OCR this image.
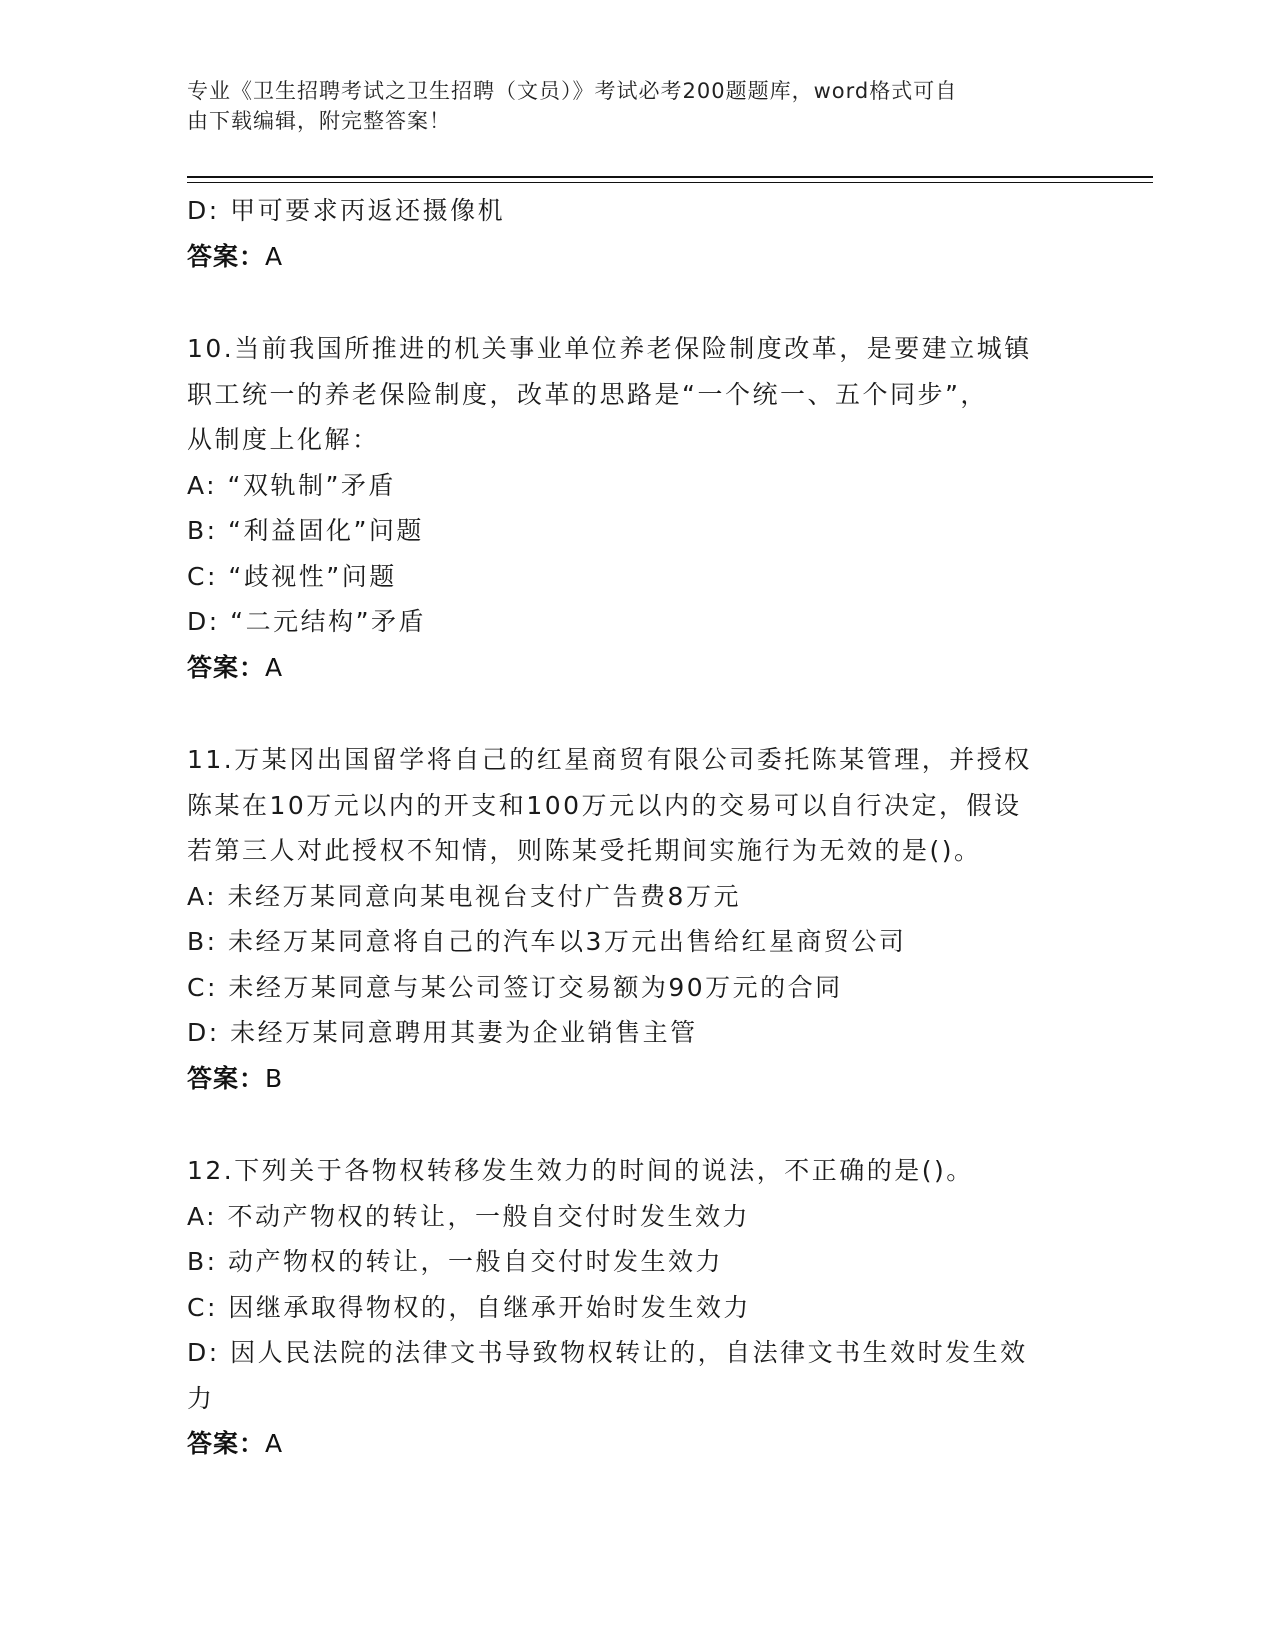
专业《卫生招聘考试之卫生招聘（文员）》考试必考200题题库，word格式可自
由下载编辑，附完整答案！
D: 甲可要求丙返还摄像机
答案：A
10.当前我国所推进的机关事业单位养老保险制度改革，是要建立城镇
职工统一的养老保险制度，改革的思路是“一个统一、五个同步”，
从制度上化解：
A: “双轨制”矛盾
B: “利益固化”问题
C: “歧视性”问题
D: “二元结构”矛盾
答案：A
11.万某冈出国留学将自己的红星商贸有限公司委托陈某管理，并授权
陈某在10万元以内的开支和100万元以内的交易可以自行决定，假设
若第三人对此授权不知情，则陈某受托期间实施行为无效的是()。
A: 未经万某同意向某电视台支付广告费8万元
B: 未经万某同意将自己的汽车以3万元出售给红星商贸公司
C: 未经万某同意与某公司签订交易额为90万元的合同
D: 未经万某同意聘用其妻为企业销售主管
答案：B
12.下列关于各物权转移发生效力的时间的说法，不正确的是()。
A: 不动产物权的转让，一般自交付时发生效力
B: 动产物权的转让，一般自交付时发生效力
C: 因继承取得物权的，自继承开始时发生效力
D: 因人民法院的法律文书导致物权转让的，自法律文书生效时发生效
力
答案：A
